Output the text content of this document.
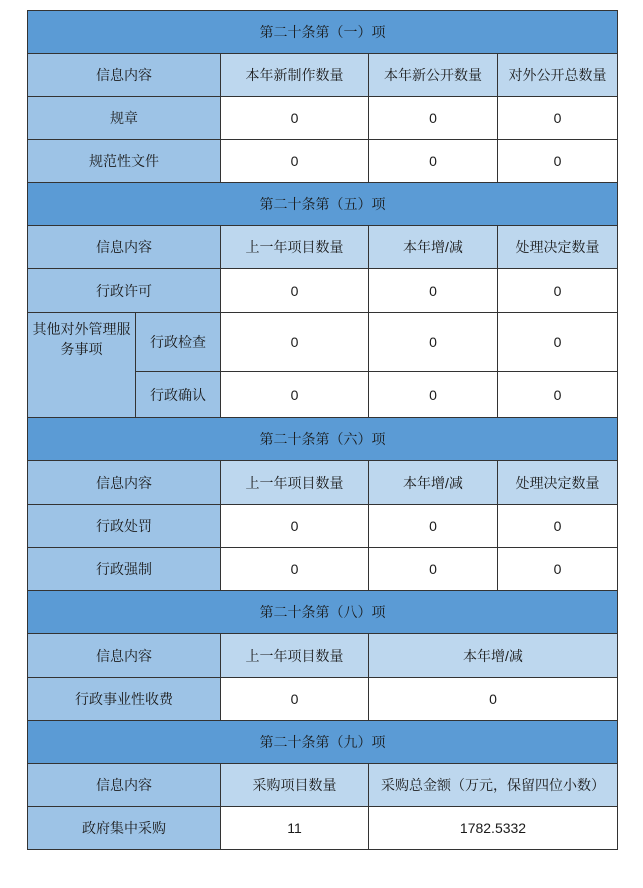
第二十条第（一）项				
信息内容		本年新制作数量	本年新公开数量	对外公开总数量
规章		0	0	0
规范性文件		0	0	0
第二十条第（五）项				
信息内容		上一年项目数量	本年增/减	处理决定数量
行政许可		0	0	0
其他对外管理服务事项	行政检查	0	0	0
	行政确认	0	0	0
第二十条第（六）项				
信息内容		上一年项目数量	本年增/减	处理决定数量
行政处罚		0	0	0
行政强制		0	0	0
第二十条第（八）项				
信息内容		上一年项目数量	本年增/减	
行政事业性收费		0	0	
第二十条第（九）项				
信息内容		采购项目数量	采购总金额（万元，保留四位小数）	
政府集中采购		11	1782.5332	
